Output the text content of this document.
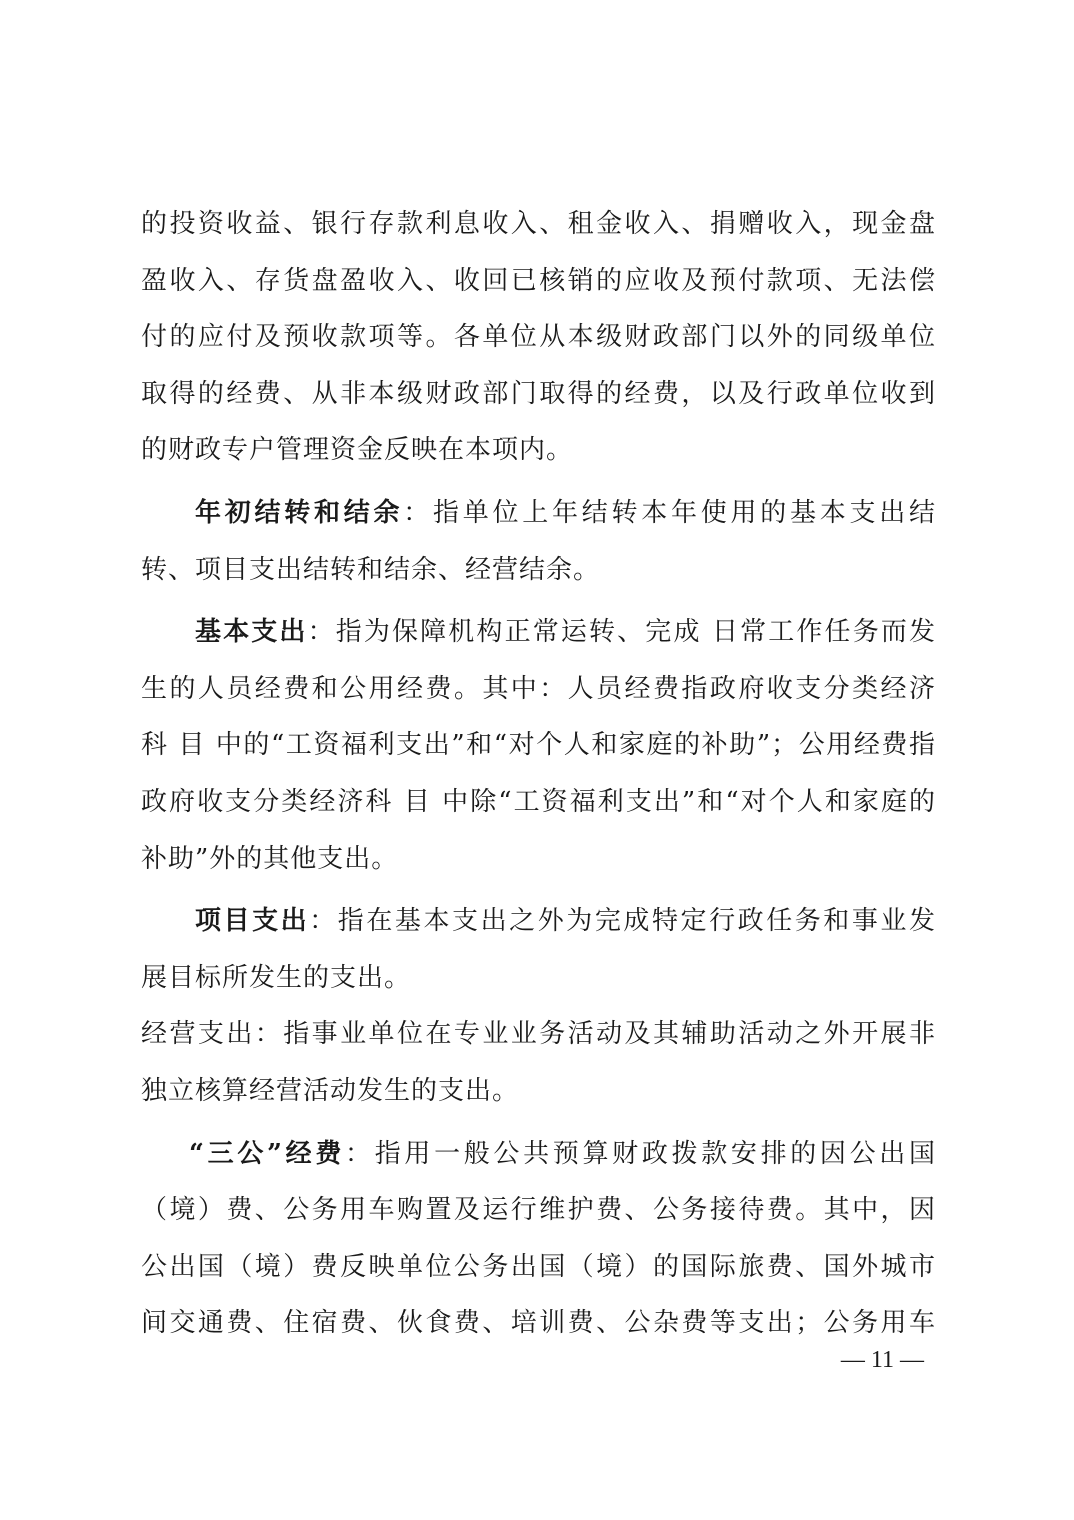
的投资收益、银行存款利息收入、租金收入、捐赠收入，现金盘
盈收入、存货盘盈收入、收回已核销的应收及预付款项、无法偿
付的应付及预收款项等。各单位从本级财政部门以外的同级单位
取得的经费、从非本级财政部门取得的经费，以及行政单位收到
的财政专户管理资金反映在本项内。
年初结转和结余：指单位上年结转本年使用的基本支出结
转、项目支出结转和结余、经营结余。
基本支出：指为保障机构正常运转、完成 日常工作任务而发
生的人员经费和公用经费。其中：人员经费指政府收支分类经济
科 目 中的“工资福利支出”和“对个人和家庭的补助”；公用经费指
政府收支分类经济科 目 中除“工资福利支出”和“对个人和家庭的
补助”外的其他支出。
项目支出：指在基本支出之外为完成特定行政任务和事业发
展目标所发生的支出。
经营支出：指事业单位在专业业务活动及其辅助活动之外开展非
独立核算经营活动发生的支出。
“三公”经费：指用一般公共预算财政拨款安排的因公出国
（境）费、公务用车购置及运行维护费、公务接待费。其中，因
公出国（境）费反映单位公务出国（境）的国际旅费、国外城市
间交通费、住宿费、伙食费、培训费、公杂费等支出；公务用车
— 11 —
